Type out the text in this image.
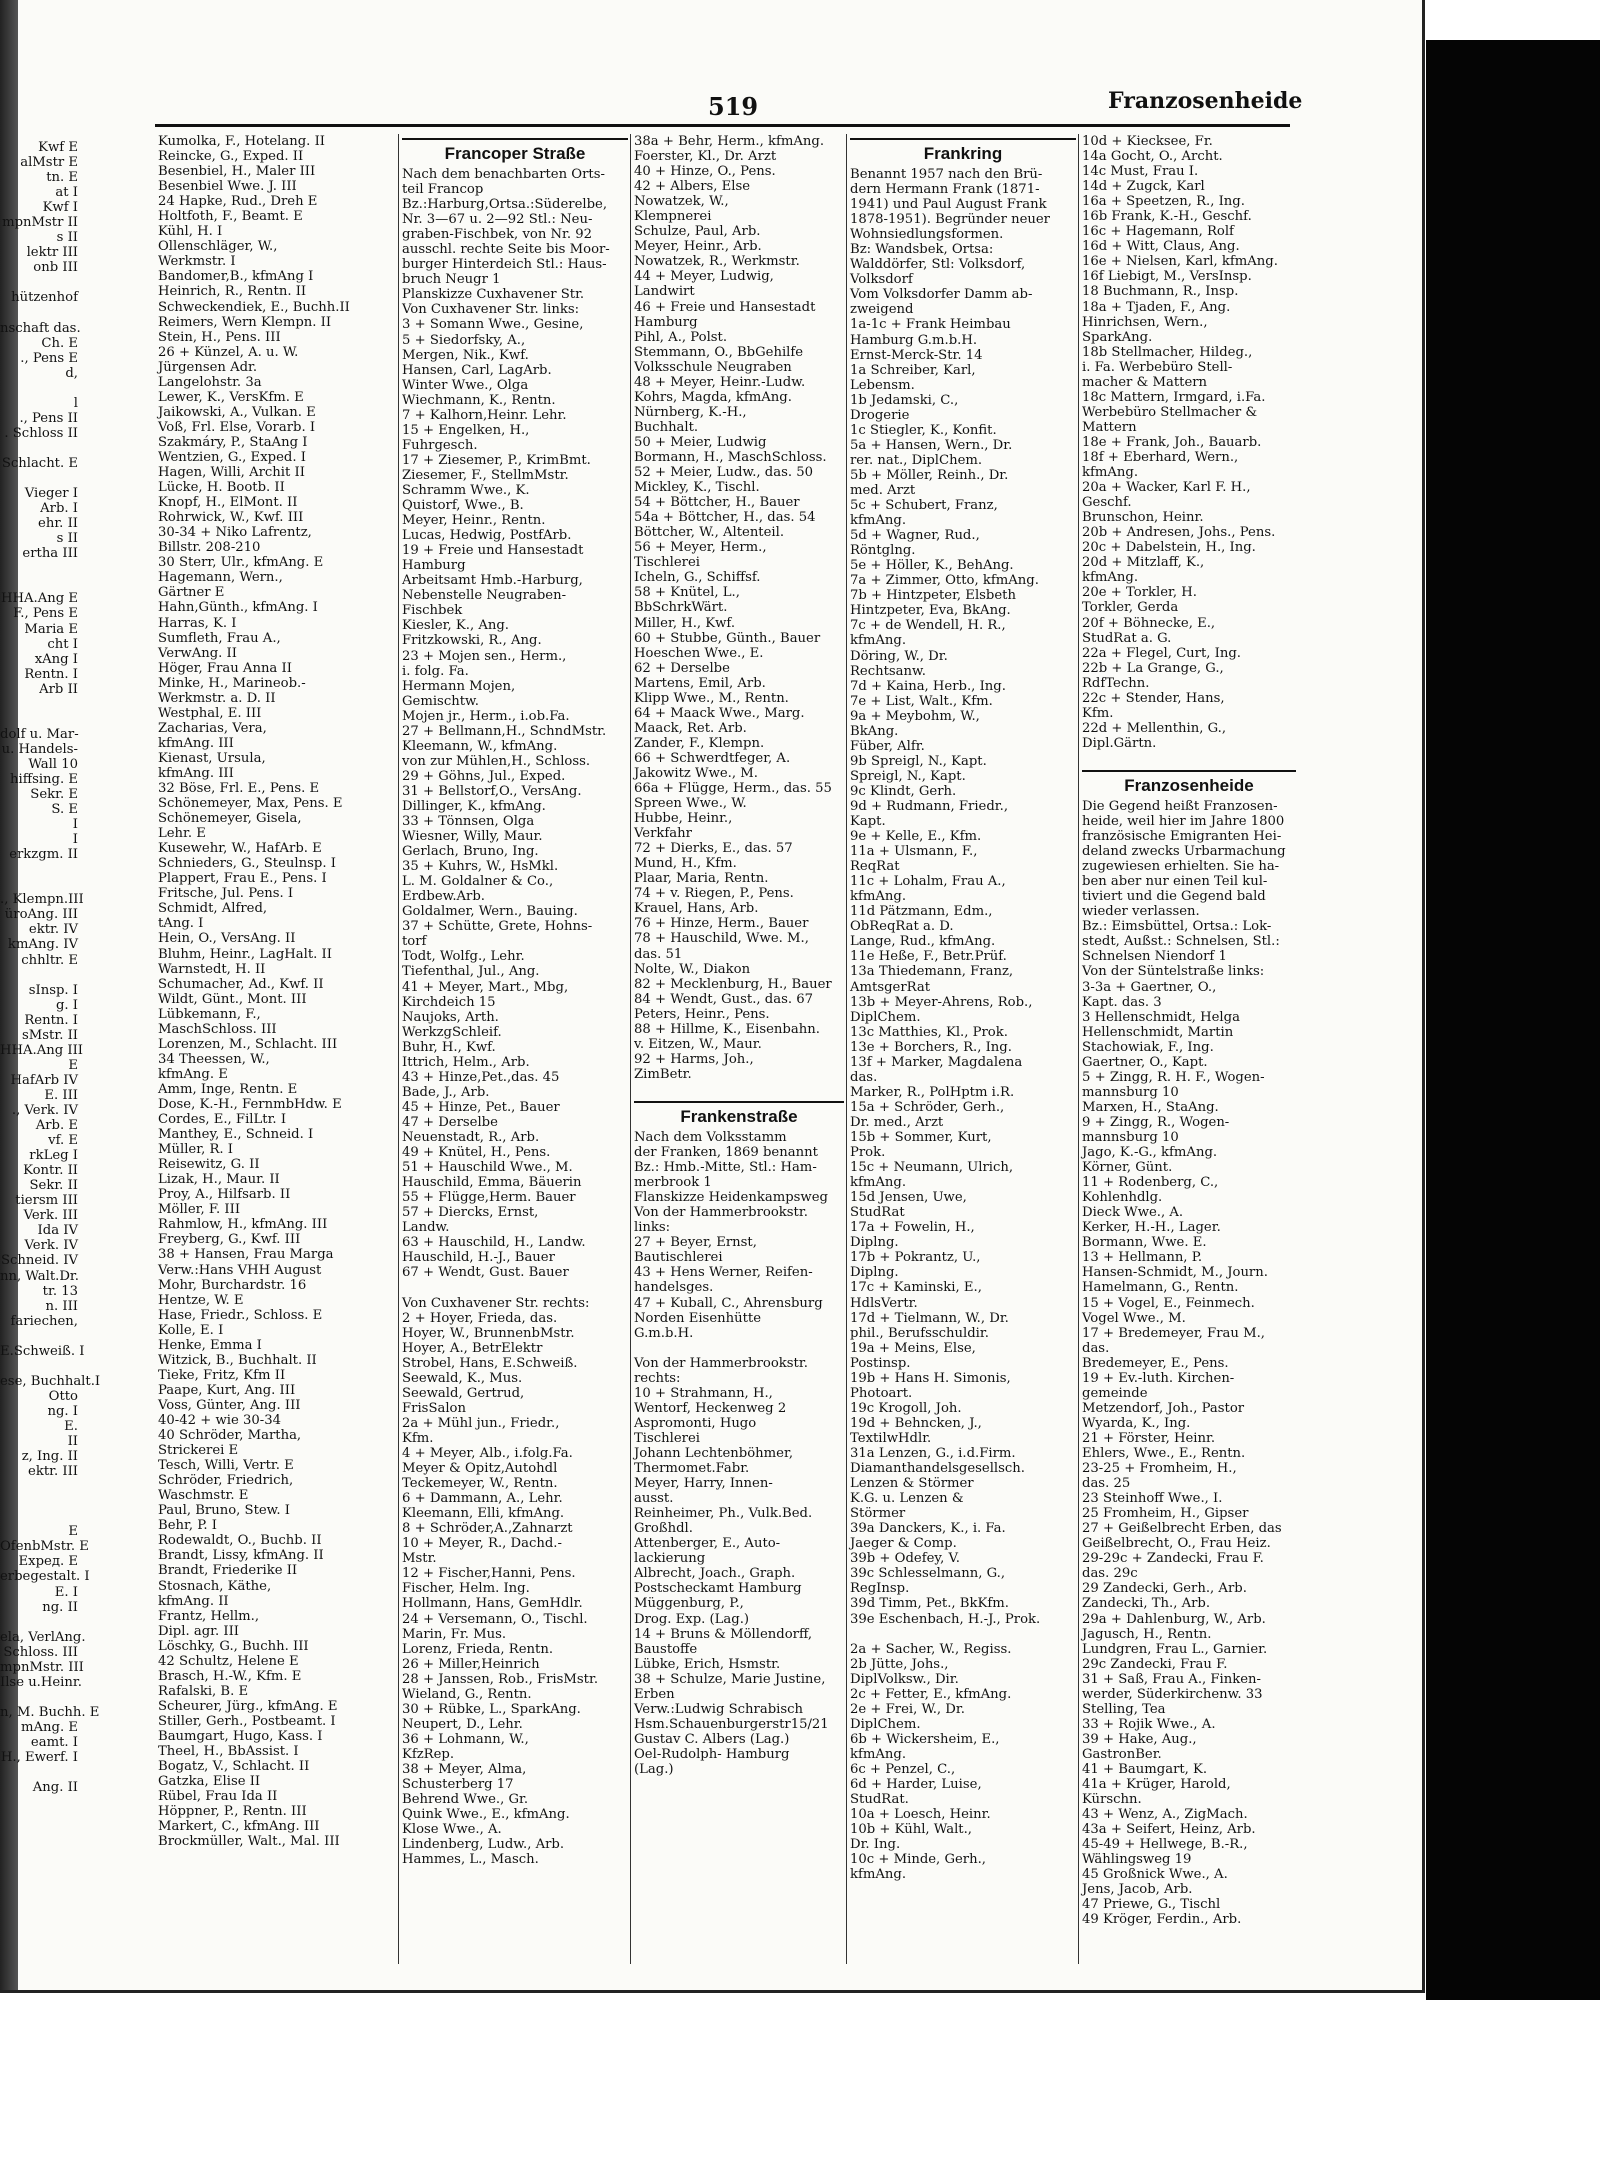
Kwf E
alMstr E
tn. E
at I
Kwf I
mpnMstr II
s II
lektr III
onb III

hützenhof

nschaft das.
Ch. E
., Pens E
d,

l
., Pens II
. Schloss II

Schlacht. E

Vieger I
Arb. I
ehr. II
s II
ertha III

HHA.Ang E
F., Pens E
Maria E
cht I
xAng I
Rentn. I
Arb II

dolf u. Mar-
u. Handels-
Wall 10
hiffsing. E
Sekr. E
S. E
I
I
erkzgm. II

., Klempn.III
üroAng. III
ektr. IV
kmAng. IV
chhltr. E

sInsp. I
g. I
Rentn. I
sMstr. II
HHA.Ang III
E
HafArb IV
E. III
., Verk. IV
Arb. E
vf. E
rkLeg I
Kontr. II
Sekr. II
tiersm III
Verk. III
Ida IV
Verk. IV
Schneid. IV
nn, Walt.Dr.
tr. 13
n. III
fariechen,

E.Schweiß. I

ese, Buchhalt.I
Otto
ng. I
E.
II
z, Ing. II
ektr. III

E
OfenbMstr. E
Expeд. E
erbegestalt. I
E. I
ng. II

ela, VerlAng.
Schloss. III
mpnMstr. III
Ilse u.Heinr.

n, M. Buchh. E
mAng. E
eamt. I
H., Ewerf. I

Ang. II
519	Franzosenheide
Kumolka, F., Hotelang. II
Reincke, G., Exped. II
Besenbiel, H., Maler III
Besenbiel Wwe. J. III
24 Hapke, Rud., Dreh E
Holtfoth, F., Beamt. E
Kühl, H. I
Ollenschläger, W.,
Werkmstr. I
Bandomer,B., kfmAng I
Heinrich, R., Rentn. II
Schweckendiek, E., Buchh.II
Reimers, Wern Klempn. II
Stein, H., Pens. III
26 + Künzel, A. u. W.
Jürgensen Adr.
Langelohstr. 3a
Lewer, K., VersKfm. E
Jaikowski, A., Vulkan. E
Voß, Frl. Else, Vorarb. I
Szakmáry, P., StaAng I
Wentzien, G., Exped. I
Hagen, Willi, Archit II
Lücke, H. Bootb. II
Knopf, H., ElMont. II
Rohrwick, W., Kwf. III
30-34 + Niko Lafrentz,
Billstr. 208-210
30 Sterr, Ulr., kfmAng. E
Hagemann, Wern.,
Gärtner E
Hahn,Günth., kfmAng. I
Harras, K. I
Sumfleth, Frau A.,
VerwAng. II
Höger, Frau Anna II
Minke, H., Marineob.-
Werkmstr. a. D. II
Westphal, E. III
Zacharias, Vera,
kfmAng. III
Kienast, Ursula,
kfmAng. III
32 Böse, Frl. E., Pens. E
Schönemeyer, Max, Pens. E
Schönemeyer, Gisela,
Lehr. E
Kusewehr, W., HafArb. E
Schnieders, G., Steulnsp. I
Plappert, Frau E., Pens. I
Fritsche, Jul. Pens. I
Schmidt, Alfred,
tAng. I
Hein, O., VersAng. II
Bluhm, Heinr., LagHalt. II
Warnstedt, H. II
Schumacher, Ad., Kwf. II
Wildt, Günt., Mont. III
Lübkemann, F.,
MaschSchloss. III
Lorenzen, M., Schlacht. III
34 Theessen, W.,
kfmAng. E
Amm, Inge, Rentn. E
Dose, K.-H., FernmbHdw. E
Cordes, E., FilLtr. I
Manthey, E., Schneid. I
Müller, R. I
Reisewitz, G. II
Lizak, H., Maur. II
Proy, A., Hilfsarb. II
Möller, F. III
Rahmlow, H., kfmAng. III
Freyberg, G., Kwf. III
38 + Hansen, Frau Marga
Verw.:Hans VHH August
Mohr, Burchardstr. 16
Hentze, W. E
Hase, Friedr., Schloss. E
Kolle, E. I
Henke, Emma I
Witzick, B., Buchhalt. II
Tieke, Fritz, Kfm II
Paape, Kurt, Ang. III
Voss, Günter, Ang. III
40-42 + wie 30-34
40 Schröder, Martha,
Strickerei E
Tesch, Willi, Vertr. E
Schröder, Friedrich,
Waschmstr. E
Paul, Bruno, Stew. I
Behr, P. I
Rodewaldt, O., Buchb. II
Brandt, Lissy, kfmAng. II
Brandt, Friederike II
Stosnach, Käthe,
kfmAng. II
Frantz, Hellm.,
Dipl. agr. III
Löschky, G., Buchh. III
42 Schultz, Helene E
Brasch, H.-W., Kfm. E
Rafalski, B. E
Scheurer, Jürg., kfmAng. E
Stiller, Gerh., Postbeamt. I
Baumgart, Hugo, Kass. I
Theel, H., BbAssist. I
Bogatz, V., Schlacht. II
Gatzka, Elise II
Rübel, Frau Ida II
Höppner, P., Rentn. III
Markert, C., kfmAng. III
Brockmüller, Walt., Mal. III
Francoper Straße
Nach dem benachbarten Orts-
teil Francop
Bz.:Harburg,Ortsa.:Süderelbe,
Nr. 3—67 u. 2—92 Stl.: Neu-
graben-Fischbek, von Nr. 92
ausschl. rechte Seite bis Moor-
burger Hinterdeich Stl.: Haus-
bruch Neugr 1
Planskizze Cuxhavener Str.
Von Cuxhavener Str. links:
3 + Somann Wwe., Gesine,
5 + Siedorfsky, A.,
Mergen, Nik., Kwf.
Hansen, Carl, LagArb.
Winter Wwe., Olga
Wiechmann, K., Rentn.
7 + Kalhorn,Heinr. Lehr.
15 + Engelken, H.,
Fuhrgesch.
17 + Ziesemer, P., KrimBmt.
Ziesemer, F., StellmMstr.
Schramm Wwe., K.
Quistorf, Wwe., B.
Meyer, Heinr., Rentn.
Lucas, Hedwig, PostfArb.
19 + Freie und Hansestadt
Hamburg
Arbeitsamt Hmb.-Harburg,
Nebenstelle Neugraben-
Fischbek
Kiesler, K., Ang.
Fritzkowski, R., Ang.
23 + Mojen sen., Herm.,
i. folg. Fa.
Hermann Mojen,
Gemischtw.
Mojen jr., Herm., i.ob.Fa.
27 + Bellmann,H., SchndMstr.
Kleemann, W., kfmAng.
von zur Mühlen,H., Schloss.
29 + Göhns, Jul., Exped.
31 + Bellstorf,O., VersAng.
Dillinger, K., kfmAng.
33 + Tönnsen, Olga
Wiesner, Willy, Maur.
Gerlach, Bruno, Ing.
35 + Kuhrs, W., HsMkl.
L. M. Goldalner & Co.,
Erdbew.Arb.
Goldalmer, Wern., Bauing.
37 + Schütte, Grete, Hohns-
torf
Todt, Wolfg., Lehr.
Tiefenthal, Jul., Ang.
41 + Meyer, Mart., Mbg,
Kirchdeich 15
Naujoks, Arth.
WerkzgSchleif.
Buhr, H., Kwf.
Ittrich, Helm., Arb.
43 + Hinze,Pet.,das. 45
Bade, J., Arb.
45 + Hinze, Pet., Bauer
47 + Derselbe
Neuenstadt, R., Arb.
49 + Knütel, H., Pens.
51 + Hauschild Wwe., M.
Hauschild, Emma, Bäuerin
55 + Flügge,Herm. Bauer
57 + Diercks, Ernst,
Landw.
63 + Hauschild, H., Landw.
Hauschild, H.-J., Bauer
67 + Wendt, Gust. Bauer

Von Cuxhavener Str. rechts:
2 + Hoyer, Frieda, das.
Hoyer, W., BrunnenbMstr.
Hoyer, A., BetrElektr
Strobel, Hans, E.Schweiß.
Seewald, K., Mus.
Seewald, Gertrud,
FrisSalon
2a + Mühl jun., Friedr.,
Kfm.
4 + Meyer, Alb., i.folg.Fa.
Meyer & Opitz,Autohdl
Teckemeyer, W., Rentn.
6 + Dammann, A., Lehr.
Kleemann, Elli, kfmAng.
8 + Schröder,A.,Zahnarzt
10 + Meyer, R., Dachd.-
Mstr.
12 + Fischer,Hanni, Pens.
Fischer, Helm. Ing.
Hollmann, Hans, GemHdlr.
24 + Versemann, O., Tischl.
Marin, Fr. Mus.
Lorenz, Frieda, Rentn.
26 + Miller,Heinrich
28 + Janssen, Rob., FrisMstr.
Wieland, G., Rentn.
30 + Rübke, L., SparkAng.
Neupert, D., Lehr.
36 + Lohmann, W.,
KfzRep.
38 + Meyer, Alma,
Schusterberg 17
Behrend Wwe., Gr.
Quink Wwe., E., kfmAng.
Klose Wwe., A.
Lindenberg, Ludw., Arb.
Hammes, L., Masch.
38a + Behr, Herm., kfmAng.
Foerster, Kl., Dr. Arzt
40 + Hinze, O., Pens.
42 + Albers, Else
Nowatzek, W.,
Klempnerei
Schulze, Paul, Arb.
Meyer, Heinr., Arb.
Nowatzek, R., Werkmstr.
44 + Meyer, Ludwig,
Landwirt
46 + Freie und Hansestadt
Hamburg
Pihl, A., Polst.
Stemmann, O., BbGehilfe
Volksschule Neugraben
48 + Meyer, Heinr.-Ludw.
Kohrs, Magda, kfmAng.
Nürnberg, K.-H.,
Buchhalt.
50 + Meier, Ludwig
Bormann, H., MaschSchloss.
52 + Meier, Ludw., das. 50
Mickley, K., Tischl.
54 + Böttcher, H., Bauer
54a + Böttcher, H., das. 54
Böttcher, W., Altenteil.
56 + Meyer, Herm.,
Tischlerei
Icheln, G., Schiffsf.
58 + Knütel, L.,
BbSchrkWärt.
Miller, H., Kwf.
60 + Stubbe, Günth., Bauer
Hoeschen Wwe., E.
62 + Derselbe
Martens, Emil, Arb.
Klipp Wwe., M., Rentn.
64 + Maack Wwe., Marg.
Maack, Ret. Arb.
Zander, F., Klempn.
66 + Schwerdtfeger, A.
Jakowitz Wwe., M.
66a + Flügge, Herm., das. 55
Spreen Wwe., W.
Hubbe, Heinr.,
Verkfahr
72 + Dierks, E., das. 57
Mund, H., Kfm.
Plaar, Maria, Rentn.
74 + v. Riegen, P., Pens.
Krauel, Hans, Arb.
76 + Hinze, Herm., Bauer
78 + Hauschild, Wwe. M.,
das. 51
Nolte, W., Diakon
82 + Mecklenburg, H., Bauer
84 + Wendt, Gust., das. 67
Peters, Heinr., Pens.
88 + Hillme, K., Eisenbahn.
v. Eitzen, W., Maur.
92 + Harms, Joh.,
ZimBetr.

Frankenstraße
Nach dem Volksstamm
der Franken, 1869 benannt
Bz.: Hmb.-Mitte, Stl.: Ham-
merbrook 1
Flanskizze Heidenkampsweg
Von der Hammerbrookstr.
links:
27 + Beyer, Ernst,
Bautischlerei
43 + Hens Werner, Reifen-
handelsges.
47 + Kuball, C., Ahrensburg
Norden Eisenhütte
G.m.b.H.

Von der Hammerbrookstr.
rechts:
10 + Strahmann, H.,
Wentorf, Heckenweg 2
Aspromonti, Hugo
Tischlerei
Johann Lechtenböhmer,
Thermomet.Fabr.
Meyer, Harry, Innen-
ausst.
Reinheimer, Ph., Vulk.Bed.
Großhdl.
Attenberger, E., Auto-
lackierung
Albrecht, Joach., Graph.
Postscheckamt Hamburg
Müggenburg, P.,
Drog. Exp. (Lag.)
14 + Bruns & Möllendorff,
Baustoffe
Lübke, Erich, Hsmstr.
38 + Schulze, Marie Justine,
Erben
Verw.:Ludwig Schrabisch
Hsm.Schauenburgerstr15/21
Gustav C. Albers (Lag.)
Oel-Rudolph- Hamburg
(Lag.)
Frankring
Benannt 1957 nach den Brü-
dern Hermann Frank (1871-
1941) und Paul August Frank
1878-1951). Begründer neuer
Wohnsiedlungsformen.
Bz: Wandsbek, Ortsa:
Walddörfer, Stl: Volksdorf,
Volksdorf
Vom Volksdorfer Damm ab-
zweigend
1a-1c + Frank Heimbau
Hamburg G.m.b.H.
Ernst-Merck-Str. 14
1a Schreiber, Karl,
Lebensm.
1b Jedamski, C.,
Drogerie
1c Stiegler, K., Konfit.
5a + Hansen, Wern., Dr.
rer. nat., DiplChem.
5b + Möller, Reinh., Dr.
med. Arzt
5c + Schubert, Franz,
kfmAng.
5d + Wagner, Rud.,
Röntglng.
5e + Höller, K., BehAng.
7a + Zimmer, Otto, kfmAng.
7b + Hintzpeter, Elsbeth
Hintzpeter, Eva, BkAng.
7c + de Wendell, H. R.,
kfmAng.
Döring, W., Dr.
Rechtsanw.
7d + Kaina, Herb., Ing.
7e + List, Walt., Kfm.
9a + Meybohm, W.,
BkAng.
Füber, Alfr.
9b Spreigl, N., Kapt.
Spreigl, N., Kapt.
9c Klindt, Gerh.
9d + Rudmann, Friedr.,
Kapt.
9e + Kelle, E., Kfm.
11a + Ulsmann, F.,
ReqRat
11c + Lohalm, Frau A.,
kfmAng.
11d Pätzmann, Edm.,
ObReqRat a. D.
Lange, Rud., kfmAng.
11e Heße, F., Betr.Prüf.
13a Thiedemann, Franz,
AmtsgerRat
13b + Meyer-Ahrens, Rob.,
DiplChem.
13c Matthies, Kl., Prok.
13e + Borchers, R., Ing.
13f + Marker, Magdalena
das.
Marker, R., PolHptm i.R.
15a + Schröder, Gerh.,
Dr. med., Arzt
15b + Sommer, Kurt,
Prok.
15c + Neumann, Ulrich,
kfmAng.
15d Jensen, Uwe,
StudRat
17a + Fowelin, H.,
Diplng.
17b + Pokrantz, U.,
Diplng.
17c + Kaminski, E.,
HdlsVertr.
17d + Tielmann, W., Dr.
phil., Berufsschuldir.
19a + Meins, Else,
Postinsp.
19b + Hans H. Simonis,
Photoart.
19c Krogoll, Joh.
19d + Behncken, J.,
TextilwHdlr.
31a Lenzen, G., i.d.Firm.
Diamanthandelsgesellsch.
Lenzen & Störmer
K.G. u. Lenzen &
Störmer
39a Danckers, K., i. Fa.
Jaeger & Comp.
39b + Odefey, V.
39c Schlesselmann, G.,
RegInsp.
39d Timm, Pet., BkKfm.
39e Eschenbach, H.-J., Prok.

2a + Sacher, W., Regiss.
2b Jütte, Johs.,
DiplVolksw., Dir.
2c + Fetter, E., kfmAng.
2e + Frei, W., Dr.
DiplChem.
6b + Wickersheim, E.,
kfmAng.
6c + Penzel, C.,
6d + Harder, Luise,
StudRat.
10a + Loesch, Heinr.
10b + Kühl, Walt.,
Dr. Ing.
10c + Minde, Gerh.,
kfmAng.
10d + Kiecksee, Fr.
14a Gocht, O., Archt.
14c Must, Frau I.
14d + Zugck, Karl
16a + Speetzen, R., Ing.
16b Frank, K.-H., Geschf.
16c + Hagemann, Rolf
16d + Witt, Claus, Ang.
16e + Nielsen, Karl, kfmAng.
16f Liebigt, M., VersInsp.
18 Buchmann, R., Insp.
18a + Tjaden, F., Ang.
Hinrichsen, Wern.,
SparkAng.
18b Stellmacher, Hildeg.,
i. Fa. Werbebüro Stell-
macher & Mattern
18c Mattern, Irmgard, i.Fa.
Werbebüro Stellmacher &
Mattern
18e + Frank, Joh., Bauarb.
18f + Eberhard, Wern.,
kfmAng.
20a + Wacker, Karl F. H.,
Geschf.
Brunschon, Heinr.
20b + Andresen, Johs., Pens.
20c + Dabelstein, H., Ing.
20d + Mitzlaff, K.,
kfmAng.
20e + Torkler, H.
Torkler, Gerda
20f + Böhnecke, E.,
StudRat a. G.
22a + Flegel, Curt, Ing.
22b + La Grange, G.,
RdfTechn.
22c + Stender, Hans,
Kfm.
22d + Mellenthin, G.,
Dipl.Gärtn.

Franzosenheide
Die Gegend heißt Franzosen-
heide, weil hier im Jahre 1800
französische Emigranten Hei-
deland zwecks Urbarmachung
zugewiesen erhielten. Sie ha-
ben aber nur einen Teil kul-
tiviert und die Gegend bald
wieder verlassen.
Bz.: Eimsbüttel, Ortsa.: Lok-
stedt, Außst.: Schnelsen, Stl.:
Schnelsen Niendorf 1
Von der Süntelstraße links:
3-3a + Gaertner, O.,
Kapt. das. 3
3 Hellenschmidt, Helga
Hellenschmidt, Martin
Stachowiak, F., Ing.
Gaertner, O., Kapt.
5 + Zingg, R. H. F., Wogen-
mannsburg 10
Marxen, H., StaAng.
9 + Zingg, R., Wogen-
mannsburg 10
Jago, K.-G., kfmAng.
Körner, Günt.
11 + Rodenberg, C.,
Kohlenhdlg.
Dieck Wwe., A.
Kerker, H.-H., Lager.
Bormann, Wwe. E.
13 + Hellmann, P.
Hansen-Schmidt, M., Journ.
Hamelmann, G., Rentn.
15 + Vogel, E., Feinmech.
Vogel Wwe., M.
17 + Bredemeyer, Frau M.,
das.
Bredemeyer, E., Pens.
19 + Ev.-luth. Kirchen-
gemeinde
Metzendorf, Joh., Pastor
Wyarda, K., Ing.
21 + Förster, Heinr.
Ehlers, Wwe., E., Rentn.
23-25 + Fromheim, H.,
das. 25
23 Steinhoff Wwe., I.
25 Fromheim, H., Gipser
27 + Geißelbrecht Erben, das
Geißelbrecht, O., Frau Heiz.
29-29c + Zandecki, Frau F.
das. 29c
29 Zandecki, Gerh., Arb.
Zandecki, Th., Arb.
29a + Dahlenburg, W., Arb.
Jagusch, H., Rentn.
Lundgren, Frau L., Garnier.
29c Zandecki, Frau F.
31 + Saß, Frau A., Finken-
werder, Süderkirchenw. 33
Stelling, Tea
33 + Rojik Wwe., A.
39 + Hake, Aug.,
GastronBer.
41 + Baumgart, K.
41a + Krüger, Harold,
Kürschn.
43 + Wenz, A., ZigMach.
43a + Seifert, Heinz, Arb.
45-49 + Hellwege, B.-R.,
Wählingsweg 19
45 Großnick Wwe., A.
Jens, Jacob, Arb.
47 Priewe, G., Tischl
49 Kröger, Ferdin., Arb.
